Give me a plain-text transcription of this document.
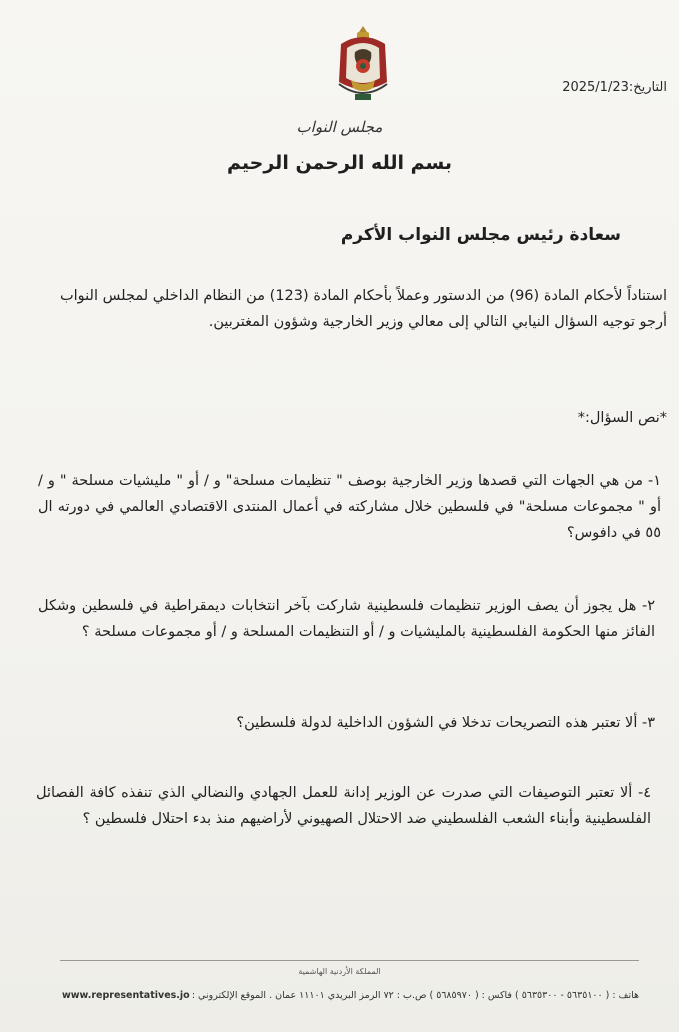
التاريخ:2025/1/23
مجلس النواب
بسم الله الرحمن الرحيم
سعادة رئيس مجلس النواب الأكرم
استناداً لأحكام المادة (96) من الدستور وعملاً بأحكام المادة (123) من النظام الداخلي لمجلس النواب أرجو توجيه السؤال النيابي التالي إلى معالي وزير الخارجية وشؤون المغتربين.
*نص السؤال:*
١- من هي الجهات التي قصدها وزير الخارجية بوصف " تنظيمات مسلحة" و / أو " مليشيات مسلحة " و / أو " مجموعات مسلحة" في فلسطين خلال مشاركته في أعمال المنتدى الاقتصادي العالمي في دورته ال ٥٥ في دافوس؟
٢- هل يجوز أن يصف الوزير تنظيمات فلسطينية شاركت بآخر انتخابات ديمقراطية في فلسطين وشكل الفائز منها الحكومة الفلسطينية بالمليشيات و / أو التنظيمات المسلحة و / أو مجموعات مسلحة ؟
٣- ألا تعتبر هذه التصريحات تدخلا في الشؤون الداخلية لدولة فلسطين؟
٤- ألا تعتبر التوصيفات التي صدرت عن الوزير إدانة للعمل الجهادي والنضالي الذي تنفذه كافة الفصائل الفلسطينية وأبناء الشعب الفلسطيني ضد الاحتلال الصهيوني لأراضيهم منذ بدء احتلال فلسطين ؟
المملكة الأردنية الهاشمية
www.representatives.jo هاتف : ( ٥٦٣٥١٠٠ - ٥٦٣٥٣٠٠ ) فاكس : ( ٥٦٨٥٩٧٠ ) ص.ب : ٧٢ الرمز البريدي ١١١٠١ عمان . الموقع الإلكتروني :
